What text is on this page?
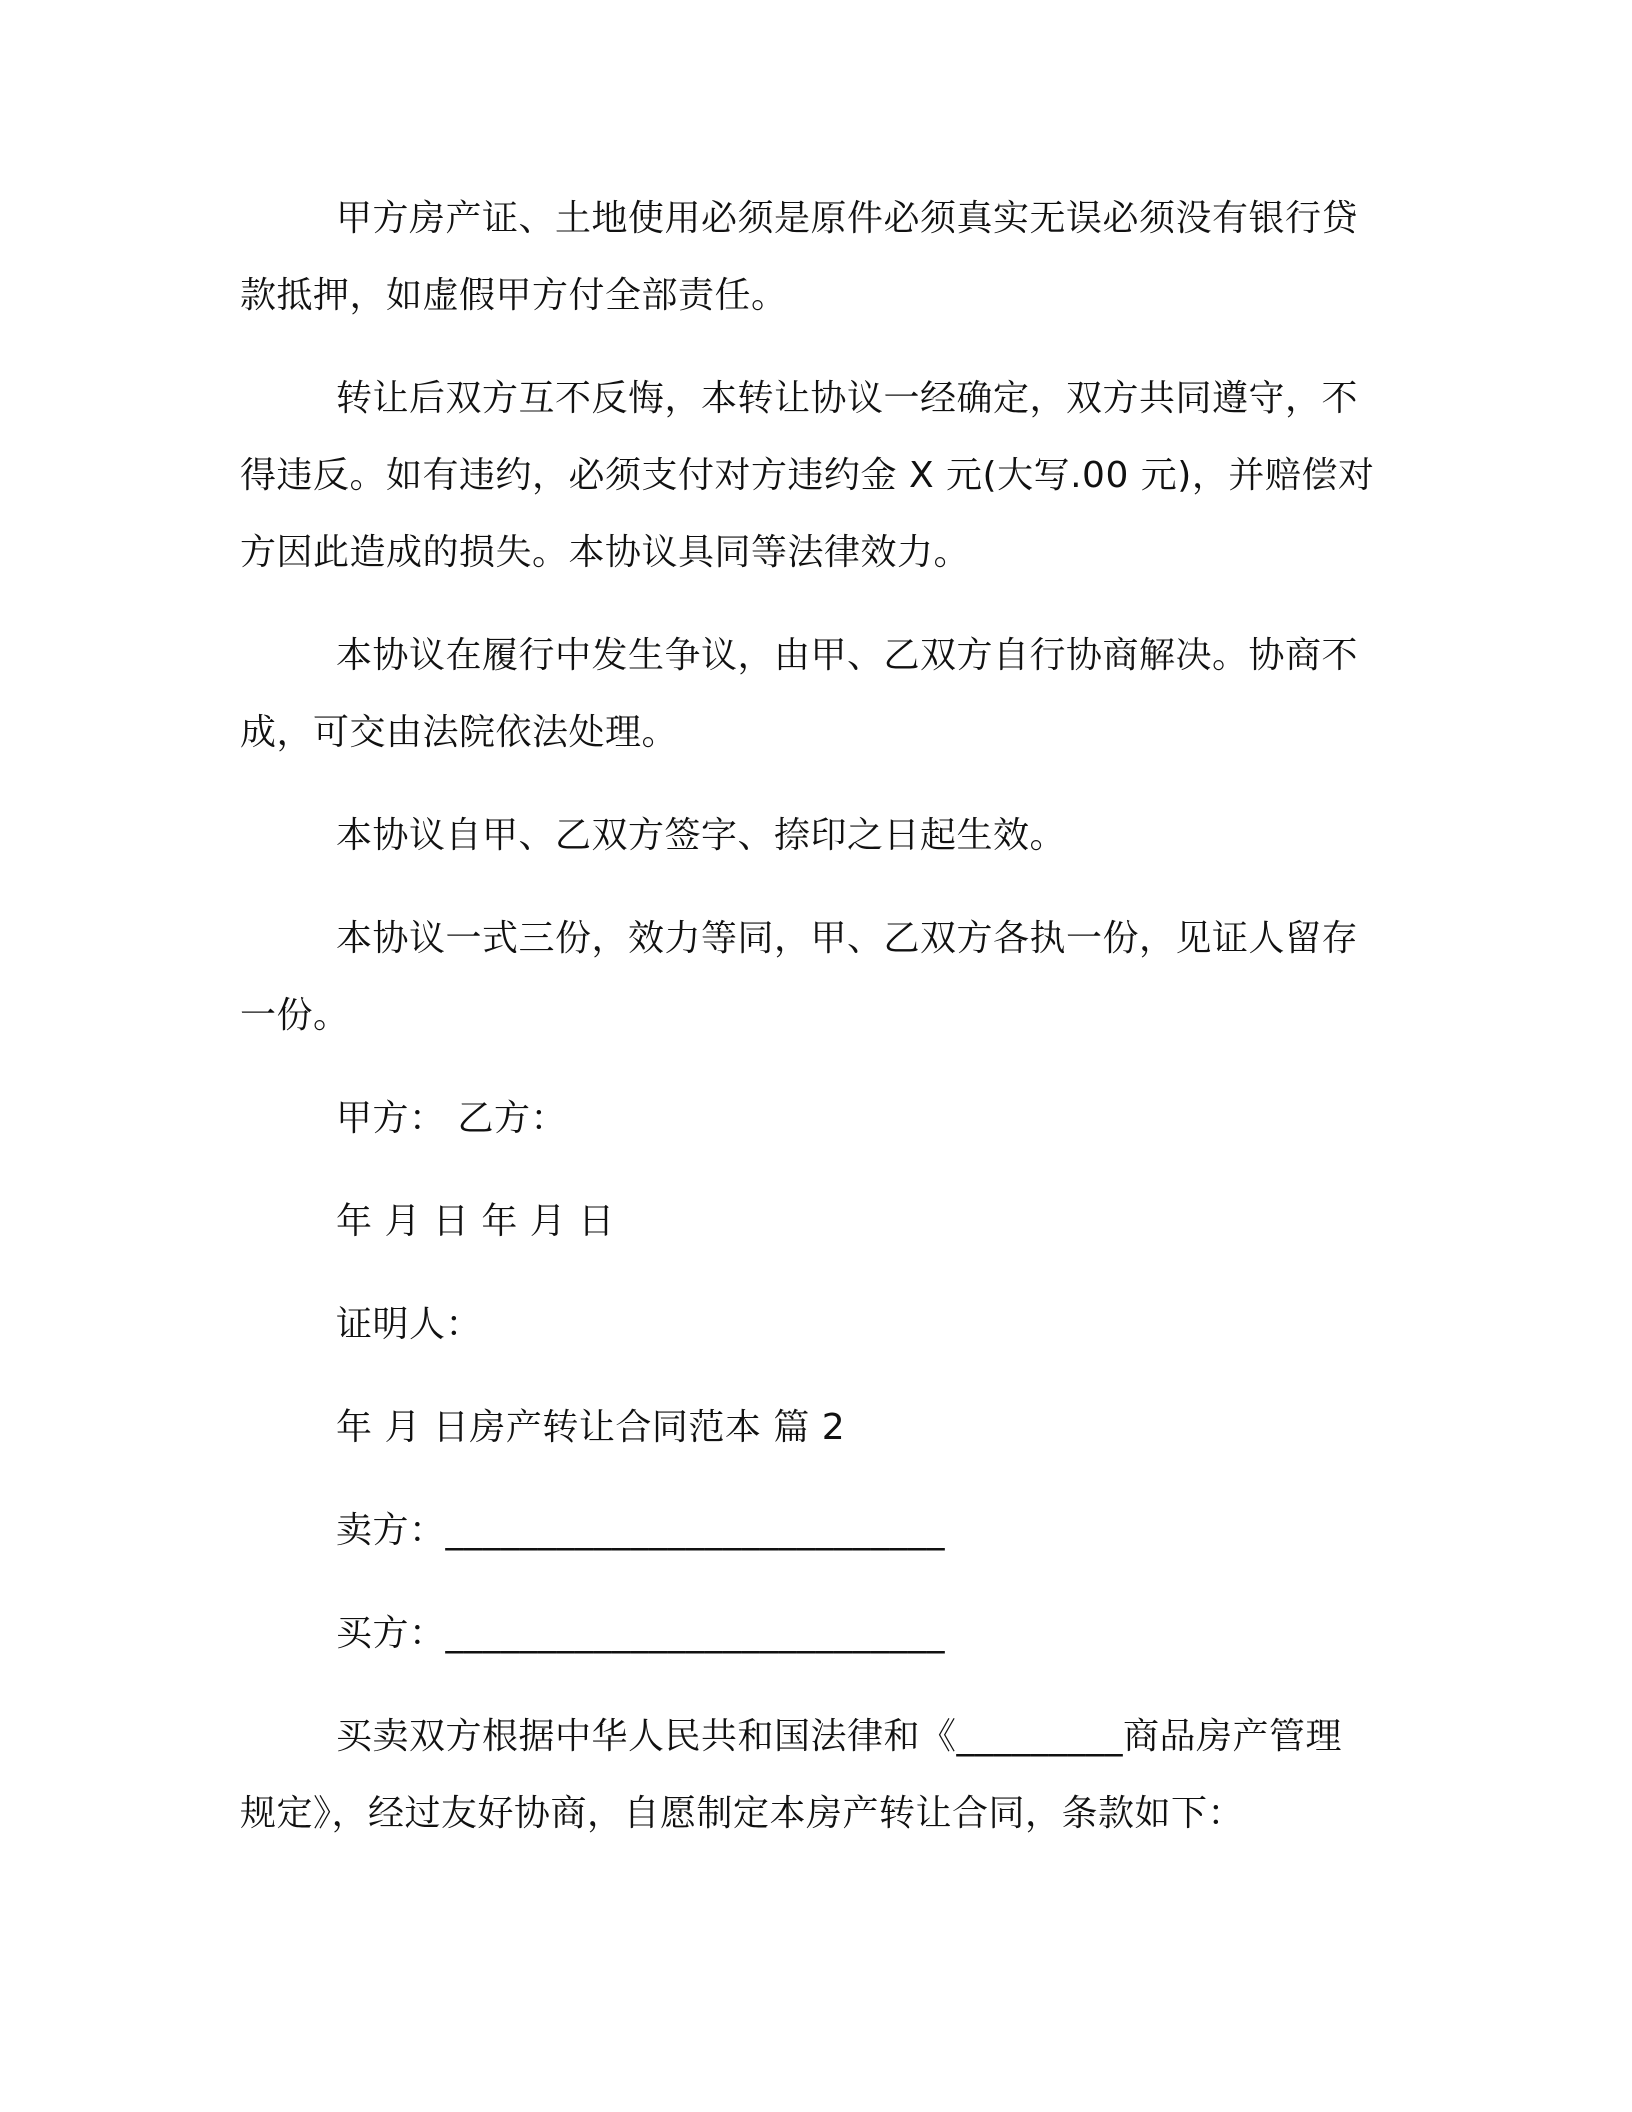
甲方房产证、土地使用必须是原件必须真实无误必须没有银行贷款抵押，如虚假甲方付全部责任。

转让后双方互不反悔，本转让协议一经确定，双方共同遵守，不得违反。如有违约，必须支付对方违约金 X 元(大写.00 元)，并赔偿对方因此造成的损失。本协议具同等法律效力。

本协议在履行中发生争议，由甲、乙双方自行协商解决。协商不成，可交由法院依法处理。

本协议自甲、乙双方签字、捺印之日起生效。

本协议一式三份，效力等同，甲、乙双方各执一份，见证人留存一份。

甲方： 乙方：

年 月 日 年 月 日

证明人：

年 月 日房产转让合同范本 篇 2

卖方：___________________________

买方：___________________________

买卖双方根据中华人民共和国法律和《_________商品房产管理规定》，经过友好协商，自愿制定本房产转让合同，条款如下：
